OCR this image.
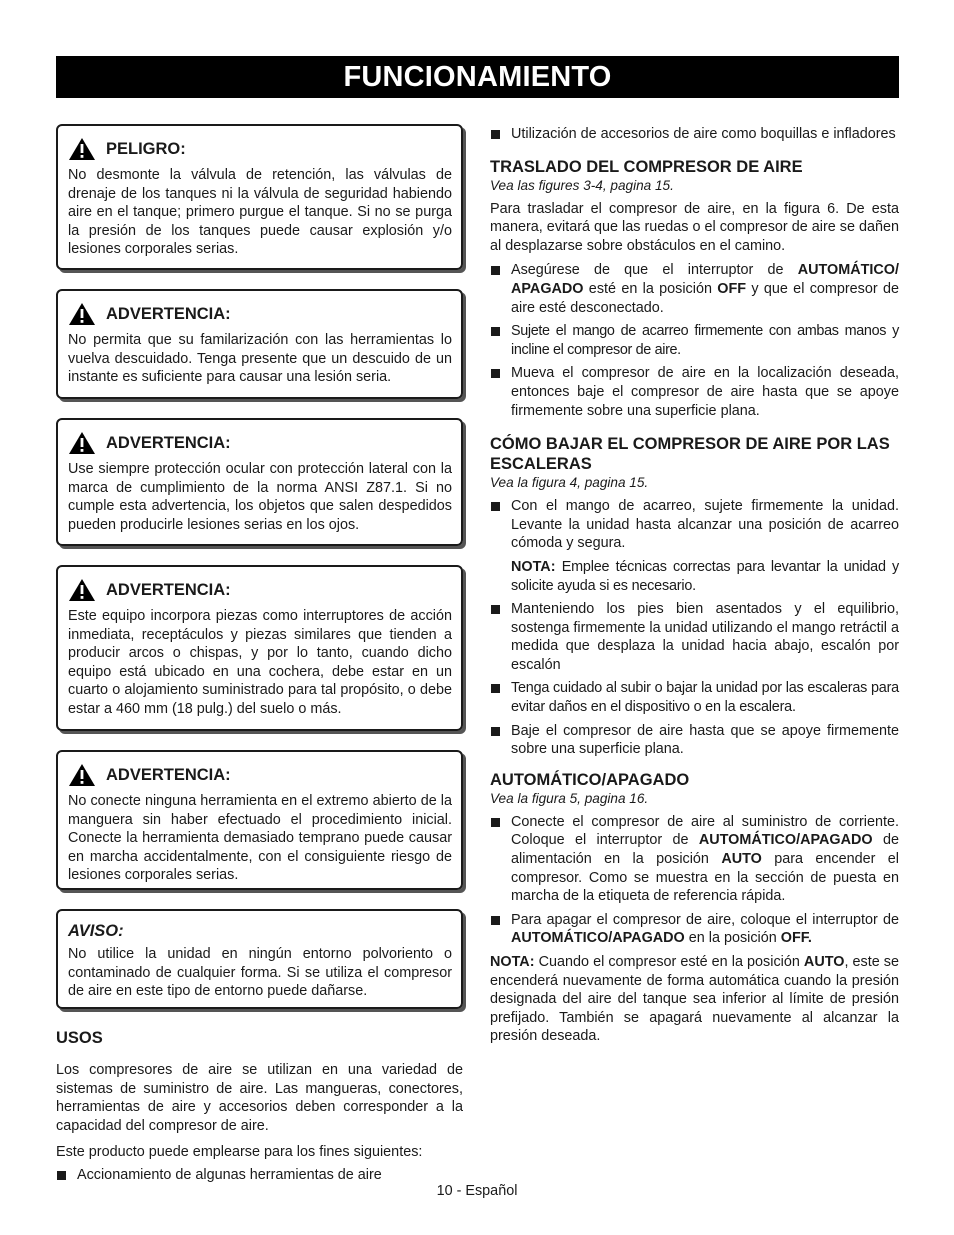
FUNCIONAMIENTO
PELIGRO:
No desmonte la válvula de retención, las válvulas de drenaje de los tanques ni la válvula de seguridad habiendo aire en el tanque; primero purgue el tanque. Si no se purga la presión de los tanques puede causar explosión y/o lesiones corporales serias.
ADVERTENCIA:
No permita que su familarización con las herramientas lo vuelva descuidado. Tenga presente que un descuido de un instante es suficiente para causar una lesión seria.
ADVERTENCIA:
Use siempre protección ocular con protección lateral con la marca de cumplimiento de la norma ANSI Z87.1. Si no cumple esta advertencia, los objetos que salen despedidos pueden producirle lesiones serias en los ojos.
ADVERTENCIA:
Este equipo incorpora piezas como interruptores de acción inmediata, receptáculos y piezas similares que tienden a producir arcos o chispas, y por lo tanto, cuando dicho equipo está ubicado en una cochera, debe estar en un cuarto o alojamiento suministrado para tal propósito, o debe estar a 460 mm (18 pulg.) del suelo o más.
ADVERTENCIA:
No conecte ninguna herramienta en el extremo abierto de la manguera sin haber efectuado el procedimiento inicial. Conecte la herramienta demasiado temprano puede causar en marcha accidentalmente, con el consiguiente riesgo de lesiones corporales serias.
AVISO:
No utilice la unidad en ningún entorno polvoriento o contaminado de cualquier forma. Si se utiliza el compresor de aire en este tipo de entorno puede dañarse.
USOS

Los compresores de aire se utilizan en una variedad de sistemas de suministro de aire. Las mangueras, conectores, herramientas de aire y accesorios deben corresponder a la capacidad del compresor de aire.

Este producto puede emplearse para los fines siguientes:

Accionamiento de algunas herramientas de aire
Utilización de accesorios de aire como boquillas e infladores
TRASLADO DEL COMPRESOR DE AIRE
Vea las figures 3-4, pagina 15.

Para trasladar el compresor de aire, en la figura 6. De esta manera, evitará que las ruedas o el compresor de aire se dañen al desplazarse sobre obstáculos en el camino.

Asegúrese de que el interruptor de AUTOMÁTICO/ APAGADO esté en la posición OFF y que el compresor de aire esté desconectado.
Sujete el mango de acarreo firmemente con ambas manos y incline el compresor de aire.
Mueva el compresor de aire en la localización deseada, entonces baje el compresor de aire hasta que se apoye firmemente sobre una superficie plana.
CÓMO BAJAR EL COMPRESOR DE AIRE POR LAS ESCALERAS
Vea la figura 4, pagina 15.
Con el mango de acarreo, sujete firmemente la unidad. Levante la unidad hasta alcanzar una posición de acarreo cómoda y segura.
NOTA: Emplee técnicas correctas para levantar la unidad y solicite ayuda si es necesario.
Manteniendo los pies bien asentados y el equilibrio, sostenga firmemente la unidad utilizando el mango retráctil a medida que desplaza la unidad hacia abajo, escalón por escalón
Tenga cuidado al subir o bajar la unidad por las escaleras para evitar daños en el dispositivo o en la escalera.
Baje el compresor de aire hasta que se apoye firmemente sobre una superficie plana.
AUTOMÁTICO/APAGADO
Vea la figura 5, pagina 16.
Conecte el compresor de aire al suministro de corriente. Coloque el interruptor de AUTOMÁTICO/APAGADO de alimentación en la posición AUTO para encender el compresor. Como se muestra en la sección de puesta en marcha de la etiqueta de referencia rápida.
Para apagar el compresor de aire, coloque el interruptor de AUTOMÁTICO/APAGADO en la posición OFF.

NOTA: Cuando el compresor esté en la posición AUTO, este se encenderá nuevamente de forma automática cuando la presión designada del aire del tanque sea inferior al límite de presión prefijado. También se apagará nuevamente al alcanzar la presión deseada.

10 - Español
